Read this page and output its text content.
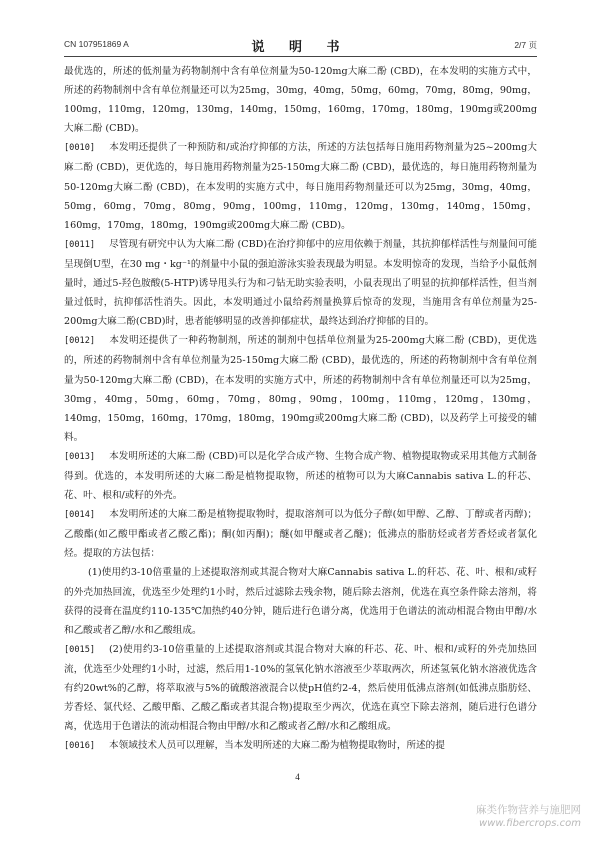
CN 107951869 A	说 明 书	2/7 页

最优选的，所述的低剂量为药物制剂中含有单位剂量为50-120mg大麻二酚 (CBD)，在本发明的实施方式中，所述的药物制剂中含有单位剂量还可以为25mg，30mg，40mg，50mg，60mg，70mg，80mg，90mg，100mg，110mg，120mg，130mg，140mg，150mg，160mg，170mg，180mg，190mg或200mg大麻二酚 (CBD)。

[0010] 本发明还提供了一种预防和/或治疗抑郁的方法，所述的方法包括每日施用药物剂量为25~200mg大麻二酚 (CBD)，更优选的，每日施用药物剂量为25-150mg大麻二酚 (CBD)，最优选的，每日施用药物剂量为50-120mg大麻二酚 (CBD)，在本发明的实施方式中，每日施用药物剂量还可以为25mg，30mg，40mg，50mg，60mg，70mg，80mg，90mg，100mg，110mg，120mg，130mg，140mg，150mg，160mg，170mg，180mg，190mg或200mg大麻二酚 (CBD)。

[0011] 尽管现有研究中认为大麻二酚 (CBD)在治疗抑郁中的应用依赖于剂量，其抗抑郁样活性与剂量间可能呈现倒U型，在30 mg・kg⁻¹的剂量中小鼠的强迫游泳实验表现最为明显。本发明惊奇的发现，当给予小鼠低剂量时，通过5-羟色胺酸(5-HTP)诱导甩头行为和刁钻无助实验表明，小鼠表现出了明显的抗抑郁样活性，但当剂量过低时，抗抑郁活性消失。因此，本发明通过小鼠给药剂量换算后惊奇的发现，当施用含有单位剂量为25-200mg大麻二酚(CBD)时，患者能够明显的改善抑郁症状，最终达到治疗抑郁的目的。

[0012] 本发明还提供了一种药物制剂，所述的制剂中包括单位剂量为25-200mg大麻二酚 (CBD)，更优选的，所述的药物制剂中含有单位剂量为25-150mg大麻二酚 (CBD)，最优选的，所述的药物制剂中含有单位剂量为50-120mg大麻二酚 (CBD)，在本发明的实施方式中，所述的药物制剂中含有单位剂量还可以为25mg，30mg，40mg，50mg，60mg，70mg，80mg，90mg，100mg，110mg，120mg，130mg，140mg，150mg，160mg，170mg，180mg，190mg或200mg大麻二酚 (CBD)，以及药学上可接受的辅料。

[0013] 本发明所述的大麻二酚 (CBD)可以是化学合成产物、生物合成产物、植物提取物或采用其他方式制备得到。优选的，本发明所述的大麻二酚是植物提取物，所述的植物可以为大麻Cannabis sativa L.的秆芯、花、叶、根和/或籽的外壳。

[0014] 本发明所述的大麻二酚是植物提取物时，提取溶剂可以为低分子醇(如甲醇、乙醇、丁醇或者丙醇)；乙酸酯(如乙酸甲酯或者乙酸乙酯)；酮(如丙酮)；醚(如甲醚或者乙醚)；低沸点的脂肪烃或者芳香烃或者氯化烃。提取的方法包括：

(1)使用约3-10倍重量的上述提取溶剂或其混合物对大麻Cannabis sativa L.的秆芯、花、叶、根和/或籽的外壳加热回流，优选至少处理约1小时，然后过滤除去残余物，随后除去溶剂，优选在真空条件除去溶剂，将获得的浸膏在温度约110-135℃加热约40分钟，随后进行色谱分离，优选用于色谱法的流动相混合物由甲醇/水和乙酸或者乙醇/水和乙酸组成。

[0015] (2)使用约3-10倍重量的上述提取溶剂或其混合物对大麻的秆芯、花、叶、根和/或籽的外壳加热回流，优选至少处理约1小时，过滤，然后用1-10%的氢氧化钠水溶液至少萃取两次，所述氢氧化钠水溶液优选含有约20wt%的乙醇，将萃取液与5%的硫酸溶液混合以使pH值约2-4，然后使用低沸点溶剂(如低沸点脂肪烃、芳香烃、氯代烃、乙酸甲酯、乙酸乙酯或者其混合物)提取至少两次，优选在真空下除去溶剂，随后进行色谱分离，优选用于色谱法的流动相混合物由甲醇/水和乙酸或者乙醇/水和乙酸组成。

[0016] 本领域技术人员可以理解，当本发明所述的大麻二酚为植物提取物时，所述的提

4
麻类作物营养与施肥网
www.fibercrops.com
